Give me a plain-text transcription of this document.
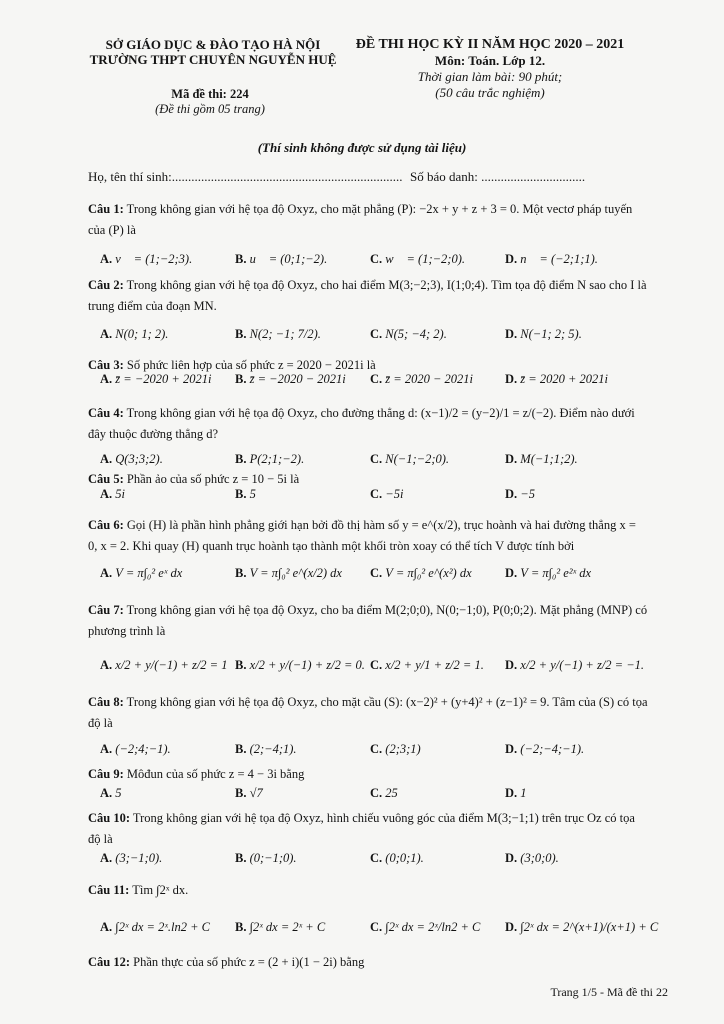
SỞ GIÁO DỤC & ĐÀO TẠO HÀ NỘI
TRƯỜNG THPT CHUYÊN NGUYỄN HUỆ
ĐỀ THI HỌC KỲ II NĂM HỌC 2020 – 2021
Môn: Toán. Lớp 12.
Thời gian làm bài: 90 phút;
(50 câu trắc nghiệm)
Mã đề thi: 224
(Đề thi gồm 05 trang)
(Thí sinh không được sử dụng tài liệu)
Họ, tên thí sinh:....................................................................... Số báo danh: ................................
Câu 1: Trong không gian với hệ tọa độ Oxyz, cho mặt phẳng (P): −2x + y + z + 3 = 0. Một vectơ pháp tuyến của (P) là
A. v⃗ = (1;−2;3).	B. u⃗ = (0;1;−2).	C. w⃗ = (1;−2;0).	D. n⃗ = (−2;1;1).
Câu 2: Trong không gian với hệ tọa độ Oxyz, cho hai điểm M(3;−2;3), I(1;0;4). Tìm tọa độ điểm N sao cho I là trung điểm của đoạn MN.
A. N(0; 1; 2).	B. N(2; −1; 7/2).	C. N(5; −4; 2).	D. N(−1; 2; 5).
Câu 3: Số phức liên hợp của số phức z = 2020 − 2021i là
A. z̄ = −2020 + 2021i B. z̄ = −2020 − 2021i C. z̄ = 2020 − 2021i	D. z̄ = 2020 + 2021i
Câu 4: Trong không gian với hệ tọa độ Oxyz, cho đường thẳng d: (x−1)/2 = (y−2)/1 = z/(−2). Điểm nào dưới đây thuộc đường thẳng d?
A. Q(3;3;2).	B. P(2;1;−2).	C. N(−1;−2;0).	D. M(−1;1;2).
Câu 5: Phần ảo của số phức z = 10 − 5i là
A. 5i	B. 5	C. −5i	D. −5
Câu 6: Gọi (H) là phần hình phẳng giới hạn bởi đồ thị hàm số y = e^(x/2), trục hoành và hai đường thẳng x = 0, x = 2. Khi quay (H) quanh trục hoành tạo thành một khối tròn xoay có thể tích V được tính bởi
A. V = π∫₀² eˣ dx	B. V = π∫₀² e^(x/2) dx C. V = π∫₀² e^(x²) dx	D. V = π∫₀² e²ˣ dx
Câu 7: Trong không gian với hệ tọa độ Oxyz, cho ba điểm M(2;0;0), N(0;−1;0), P(0;0;2). Mặt phẳng (MNP) có phương trình là
A. x/2 + y/(−1) + z/2 = 1 B. x/2 + y/(−1) + z/2 = 0. C. x/2 + y/1 + z/2 = 1. D. x/2 + y/(−1) + z/2 = −1.
Câu 8: Trong không gian với hệ tọa độ Oxyz, cho mặt cầu (S): (x−2)² + (y+4)² + (z−1)² = 9. Tâm của (S) có tọa độ là
A. (−2;4;−1).	B. (2;−4;1).	C. (2;3;1)	D. (−2;−4;−1).
Câu 9: Môđun của số phức z = 4 − 3i bằng
A. 5	B. √7	C. 25	D. 1
Câu 10: Trong không gian với hệ tọa độ Oxyz, hình chiếu vuông góc của điểm M(3;−1;1) trên trục Oz có tọa độ là
A. (3;−1;0).	B. (0;−1;0).	C. (0;0;1).	D. (3;0;0).
Câu 11: Tìm ∫2ˣ dx.
A. ∫2ˣ dx = 2ˣ.ln2 + C B. ∫2ˣ dx = 2ˣ + C	C. ∫2ˣ dx = 2ˣ/ln2 + C D. ∫2ˣ dx = 2^(x+1)/(x+1) + C
Câu 12: Phần thực của số phức z = (2 + i)(1 − 2i) bằng
Trang 1/5 - Mã đề thi 22
